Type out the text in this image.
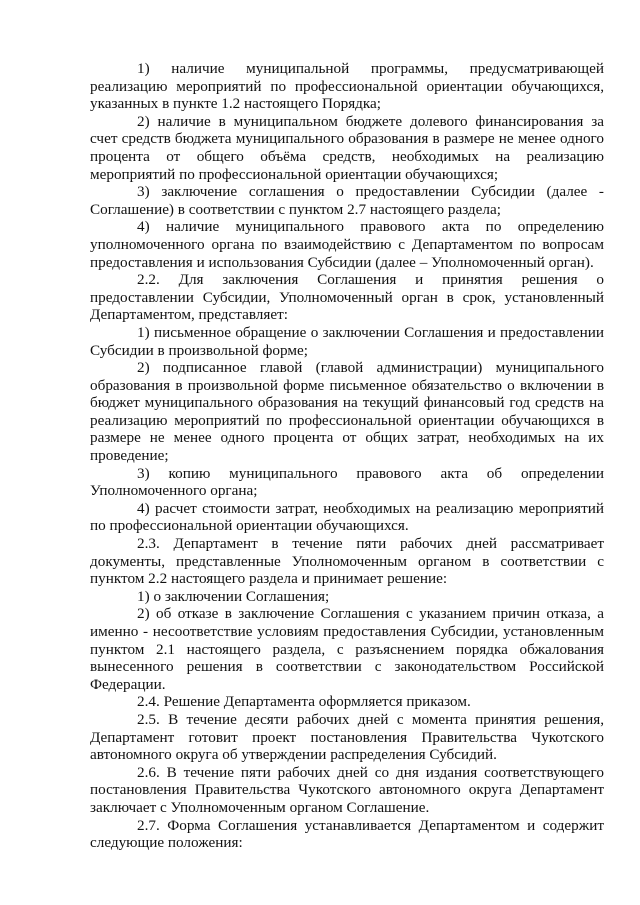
1) наличие муниципальной программы, предусматривающей реализацию мероприятий по профессиональной ориентации обучающихся, указанных в пункте 1.2 настоящего Порядка;

2) наличие в муниципальном бюджете долевого финансирования за счет средств бюджета муниципального образования в размере не менее одного процента от общего объёма средств, необходимых на реализацию мероприятий по профессиональной ориентации обучающихся;

3) заключение соглашения о предоставлении Субсидии (далее - Соглашение) в соответствии с пунктом 2.7 настоящего раздела;

4) наличие муниципального правового акта по определению уполномоченного органа по взаимодействию с Департаментом по вопросам предоставления и использования Субсидии (далее – Уполномоченный орган).

2.2. Для заключения Соглашения и принятия решения о предоставлении Субсидии, Уполномоченный орган в срок, установленный Департаментом, представляет:

1) письменное обращение о заключении Соглашения и предоставлении Субсидии в произвольной форме;

2) подписанное главой (главой администрации) муниципального образования в произвольной форме письменное обязательство о включении в бюджет муниципального образования на текущий финансовый год средств на реализацию мероприятий по профессиональной ориентации обучающихся в размере не менее одного процента от общих затрат, необходимых на их проведение;

3) копию муниципального правового акта об определении Уполномоченного органа;

4) расчет стоимости затрат, необходимых на реализацию мероприятий по профессиональной ориентации обучающихся.

2.3. Департамент в течение пяти рабочих дней рассматривает документы, представленные Уполномоченным органом в соответствии с пунктом 2.2 настоящего раздела и принимает решение:

1) о заключении Соглашения;

2) об отказе в заключение Соглашения с указанием причин отказа, а именно - несоответствие условиям предоставления Субсидии, установленным пунктом 2.1 настоящего раздела, с разъяснением порядка обжалования вынесенного решения в соответствии с законодательством Российской Федерации.

2.4. Решение Департамента оформляется приказом.

2.5. В течение десяти рабочих дней с момента принятия решения, Департамент готовит проект постановления Правительства Чукотского автономного округа об утверждении распределения Субсидий.

2.6. В течение пяти рабочих дней со дня издания соответствующего постановления Правительства Чукотского автономного округа Департамент заключает с Уполномоченным органом Соглашение.

2.7. Форма Соглашения устанавливается Департаментом и содержит следующие положения:
